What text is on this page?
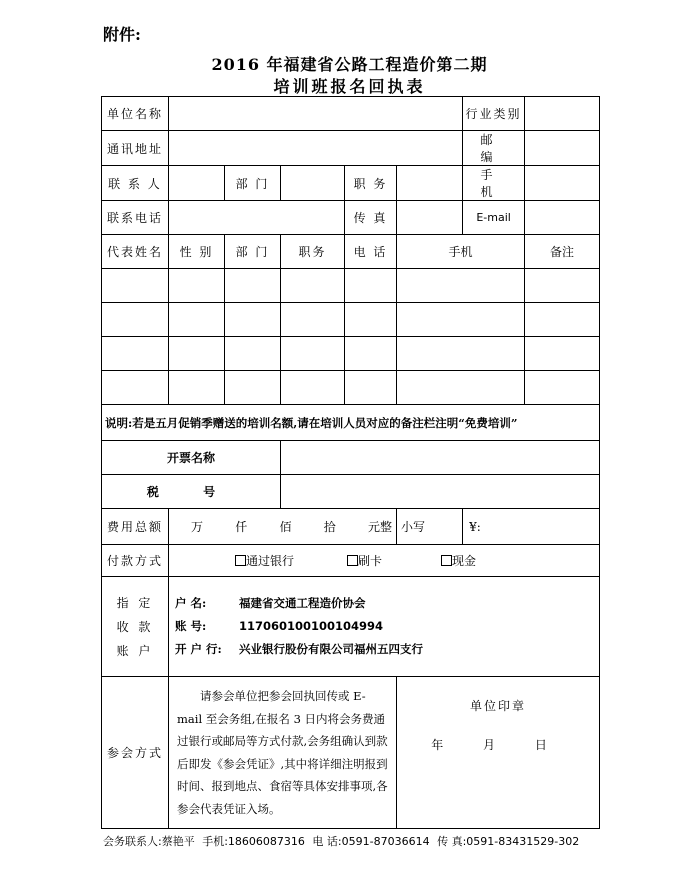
附件:
2016 年福建省公路工程造价第二期
培训班报名回执表
单位名称						行业类别	
通讯地址						邮 编	
联 系 人		部 门		职 务		手 机	
联系电话				传 真		E-mail	
代表姓名	性 别	部 门	职务	电 话	手机		备注

说明:若是五月促销季赠送的培训名额,请在培训人员对应的备注栏注明“免费培训”							
开票名称							
税 号							
费用总额	万 仟 佰 拾 元整				小写	¥:	
付款方式	通过银行 刷卡 现金						

指 定 收 款 账 户	户 名: 福建省交通工程造价协会
账 号: 117060100100104994
开 户 行: 兴业银行股份有限公司福州五四支行						

参会方式	请参会单位把参会回执回传或 E-mail 至会务组,在报名 3 日内将会务费通过银行或邮局等方式付款,会务组确认到款后即发《参会凭证》,其中将详细注明报到时间、报到地点、食宿等具体安排事项,各参会代表凭证入场。				单位印章
年 月 日		
会务联系人:蔡艳平 手机:18606087316 电 话:0591-87036614 传 真:0591-83431529-302
